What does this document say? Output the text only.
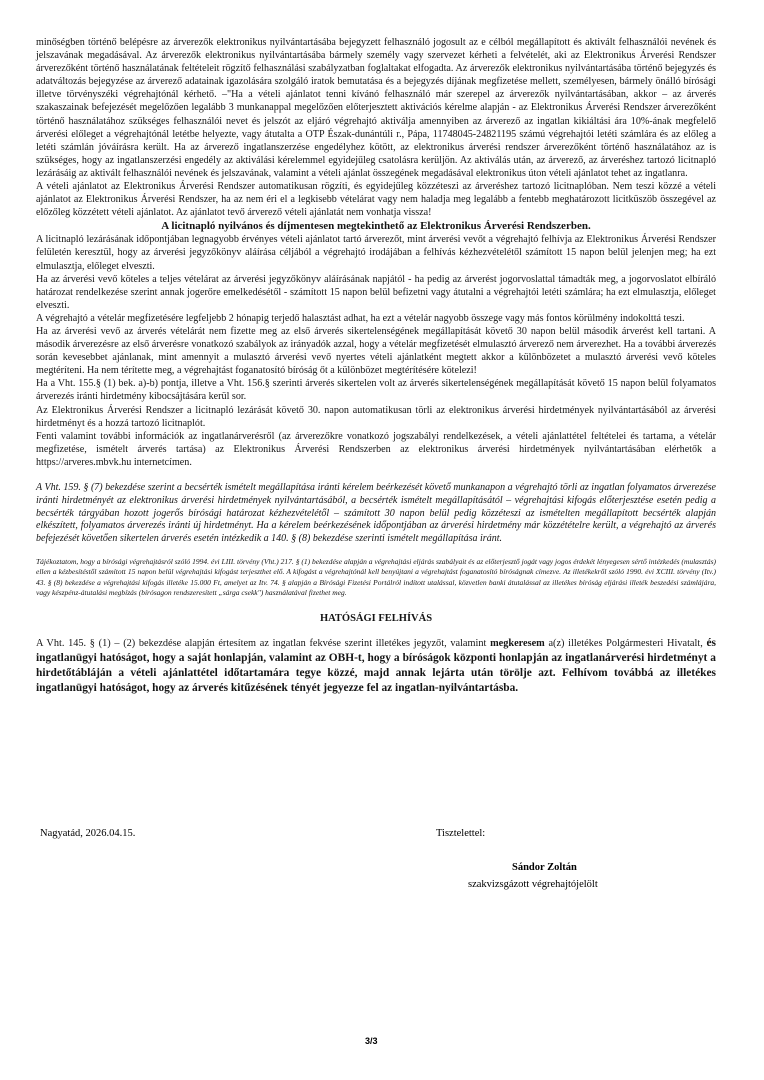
minőségben történő belépésre az árverezők elektronikus nyilvántartásába bejegyzett felhasználó jogosult az e célból megállapított és aktivált felhasználói nevének és jelszavának megadásával. Az árverezők elektronikus nyilvántartásába bármely személy vagy szervezet kérheti a felvételét, aki az Elektronikus Árverési Rendszer árverezőként történő használatának feltételeit rögzítő felhasználási szabályzatban foglaltakat elfogadta. Az árverezők elektronikus nyilvántartásába történő bejegyzés és adatváltozás bejegyzése az árverező adatainak igazolására szolgáló iratok bemutatása és a bejegyzés díjának megfizetése mellett, személyesen, bármely önálló bírósági illetve törvényszéki végrehajtónál kérhető. –"Ha a vételi ajánlatot tenni kívánó felhasználó már szerepel az árverezők nyilvántartásában, akkor – az árverés szakaszainak befejezését megelőzően legalább 3 munkanappal megelőzően előterjesztett aktivációs kérelme alapján - az Elektronikus Árverési Rendszer árverezőként történő használatához szükséges felhasználói nevet és jelszót az eljáró végrehajtó aktiválja amennyiben az árverező az ingatlan kikiáltási ára 10%-ának megfelelő árverési előleget a végrehajtónál letétbe helyezte, vagy átutalta a OTP Észak-dunántúli r., Pápa, 11748045-24821195 számú végrehajtói letéti számlára és az előleg a letéti számlán jóváírásra került. Ha az árverező ingatlanszerzése engedélyhez kötött, az elektronikus árverési rendszer árverezőként történő használatához az is szükséges, hogy az ingatlanszerzési engedély az aktiválási kérelemmel egyidejűleg csatolásra kerüljön. Az aktiválás után, az árverező, az árveréshez tartozó licitnapló lezárásáig az aktivált felhasználói nevének és jelszavának, valamint a vételi ajánlat összegének megadásával elektronikus úton vételi ajánlatot tehet az ingatlanra.

A vételi ajánlatot az Elektronikus Árverési Rendszer automatikusan rögzíti, és egyidejűleg közzéteszi az árveréshez tartozó licitnaplóban. Nem teszi közzé a vételi ajánlatot az Elektronikus Árverési Rendszer, ha az nem éri el a legkisebb vételárat vagy nem haladja meg legalább a fentebb meghatározott licitküszöb összegével az előzőleg közzétett vételi ajánlatot. Az ajánlatot tevő árverező vételi ajánlatát nem vonhatja vissza!

A licitnapló nyilvános és díjmentesen megtekinthető az Elektronikus Árverési Rendszerben.

A licitnapló lezárásának időpontjában legnagyobb érvényes vételi ajánlatot tartó árverezőt, mint árverési vevőt a végrehajtó felhívja az Elektronikus Árverési Rendszer felületén keresztül, hogy az árverési jegyzőkönyv aláírása céljából a végrehajtó irodájában a felhívás kézhezvételétől számított 15 napon belül jelenjen meg; ha ezt elmulasztja, előleget elveszti.

Ha az árverési vevő köteles a teljes vételárat az árverési jegyzőkönyv aláírásának napjától - ha pedig az árverést jogorvoslattal támadták meg, a jogorvoslatot elbíráló határozat rendelkezése szerint annak jogerőre emelkedésétől - számított 15 napon belül befizetni vagy átutalni a végrehajtói letéti számlára; ha ezt elmulasztja, előleget elveszti.

A végrehajtó a vételár megfizetésére legfeljebb 2 hónapig terjedő halasztást adhat, ha ezt a vételár nagyobb összege vagy más fontos körülmény indokolttá teszi.

Ha az árverési vevő az árverés vételárát nem fizette meg az első árverés sikertelenségének megállapítását követő 30 napon belül második árverést kell tartani. A második árverezésre az első árverésre vonatkozó szabályok az irányadók azzal, hogy a vételár megfizetését elmulasztó árverező nem árverezhet. Ha a további árverezés során kevesebbet ajánlanak, mint amennyit a mulasztó árverési vevő nyertes vételi ajánlatként megtett akkor a különbözetet a mulasztó árverési vevő köteles megtéríteni. Ha nem térítette meg, a végrehajtást foganatosító bíróság őt a különbözet megtérítésére kötelezi!

Ha a Vht. 155.§ (1) bek. a)-b) pontja, illetve a Vht. 156.§ szerinti árverés sikertelen volt az árverés sikertelenségének megállapítását követő 15 napon belül folyamatos árverezés iránti hirdetmény kibocsájtására kerül sor.

Az Elektronikus Árverési Rendszer a licitnapló lezárását követő 30. napon automatikusan törli az elektronikus árverési hirdetmények nyilvántartásából az árverési hirdetményt és a hozzá tartozó licitnaplót.

Fenti valamint további információk az ingatlanárverésről (az árverezőkre vonatkozó jogszabályi rendelkezések, a vételi ajánlattétel feltételei és tartama, a vételár megfizetése, ismételt árverés tartása) az Elektronikus Árverési Rendszerben az elektronikus árverési hirdetmények nyilvántartásában elérhetők a https://arveres.mbvk.hu internetcímen.

A Vht. 159. § (7) bekezdése szerint a becsérték ismételt megállapítása iránti kérelem beérkezését követő munkanapon a végrehajtó törli az ingatlan folyamatos árverezése iránti hirdetményét az elektronikus árverési hirdetmények nyilvántartásából, a becsérték ismételt megállapításától – végrehajtási kifogás előterjesztése esetén pedig a becsérték tárgyában hozott jogerős bírósági határozat kézhezvételétől – számított 30 napon belül pedig közzéteszi az ismételten megállapított becsérték alapján elkészített, folyamatos árverezés iránti új hirdetményt. Ha a kérelem beérkezésének időpontjában az árverési hirdetmény már közzétételre került, a végrehajtó az árverés befejezését követően sikertelen árverés esetén intézkedik a 140. § (8) bekezdése szerinti ismételt megállapítása iránt.

Tájékoztatom, hogy a bírósági végrehajtásról szóló 1994. évi LIII. törvény (Vht.) 217. § (1) bekezdése alapján a végrehajtási eljárás szabályait és az előterjesztő jogát vagy jogos érdekét lényegesen sértő intézkedés (mulasztás) ellen a kézbesítéstől számított 15 napon belül végrehajtási kifogást terjeszthet elő. A kifogást a végrehajtónál kell benyújtani a végrehajtást foganatosító bíróságnak címezve. Az illetékekről szóló 1990. évi XCIII. törvény (Itv.) 43. § (8) bekezdése a végrehajtási kifogás illetéke 15.000 Ft, amelyet az Itv. 74. § alapján a Bírósági Fizetési Portálról indított utalással, közvetlen banki átutalással az illetékes bíróság eljárási illeték beszedési számlájára, vagy készpénz-átutalási megbízás (bírósagon rendszeresített „sárga csekk") használatával fizethet meg.

HATÓSÁGI FELHÍVÁS

A Vht. 145. § (1) – (2) bekezdése alapján értesítem az ingatlan fekvése szerint illetékes jegyzőt, valamint megkeresem a(z) illetékes Polgármesteri Hivatalt, és ingatlanügyi hatóságot, hogy a saját honlapján, valamint az OBH-t, hogy a bíróságok központi honlapján az ingatlanárverési hirdetményt a hirdetőtábláján a vételi ajánlattétel időtartamára tegye közzé, majd annak lejárta után törölje azt. Felhívom továbbá az illetékes ingatlanügyi hatóságot, hogy az árverés kitűzésének tényét jegyezze fel az ingatlan-nyilvántartásba.

Nagyatád, 2026.04.15.	Tisztelettel:
Sándor Zoltán
szakvizsgázott végrehajtójelölt
3/3
